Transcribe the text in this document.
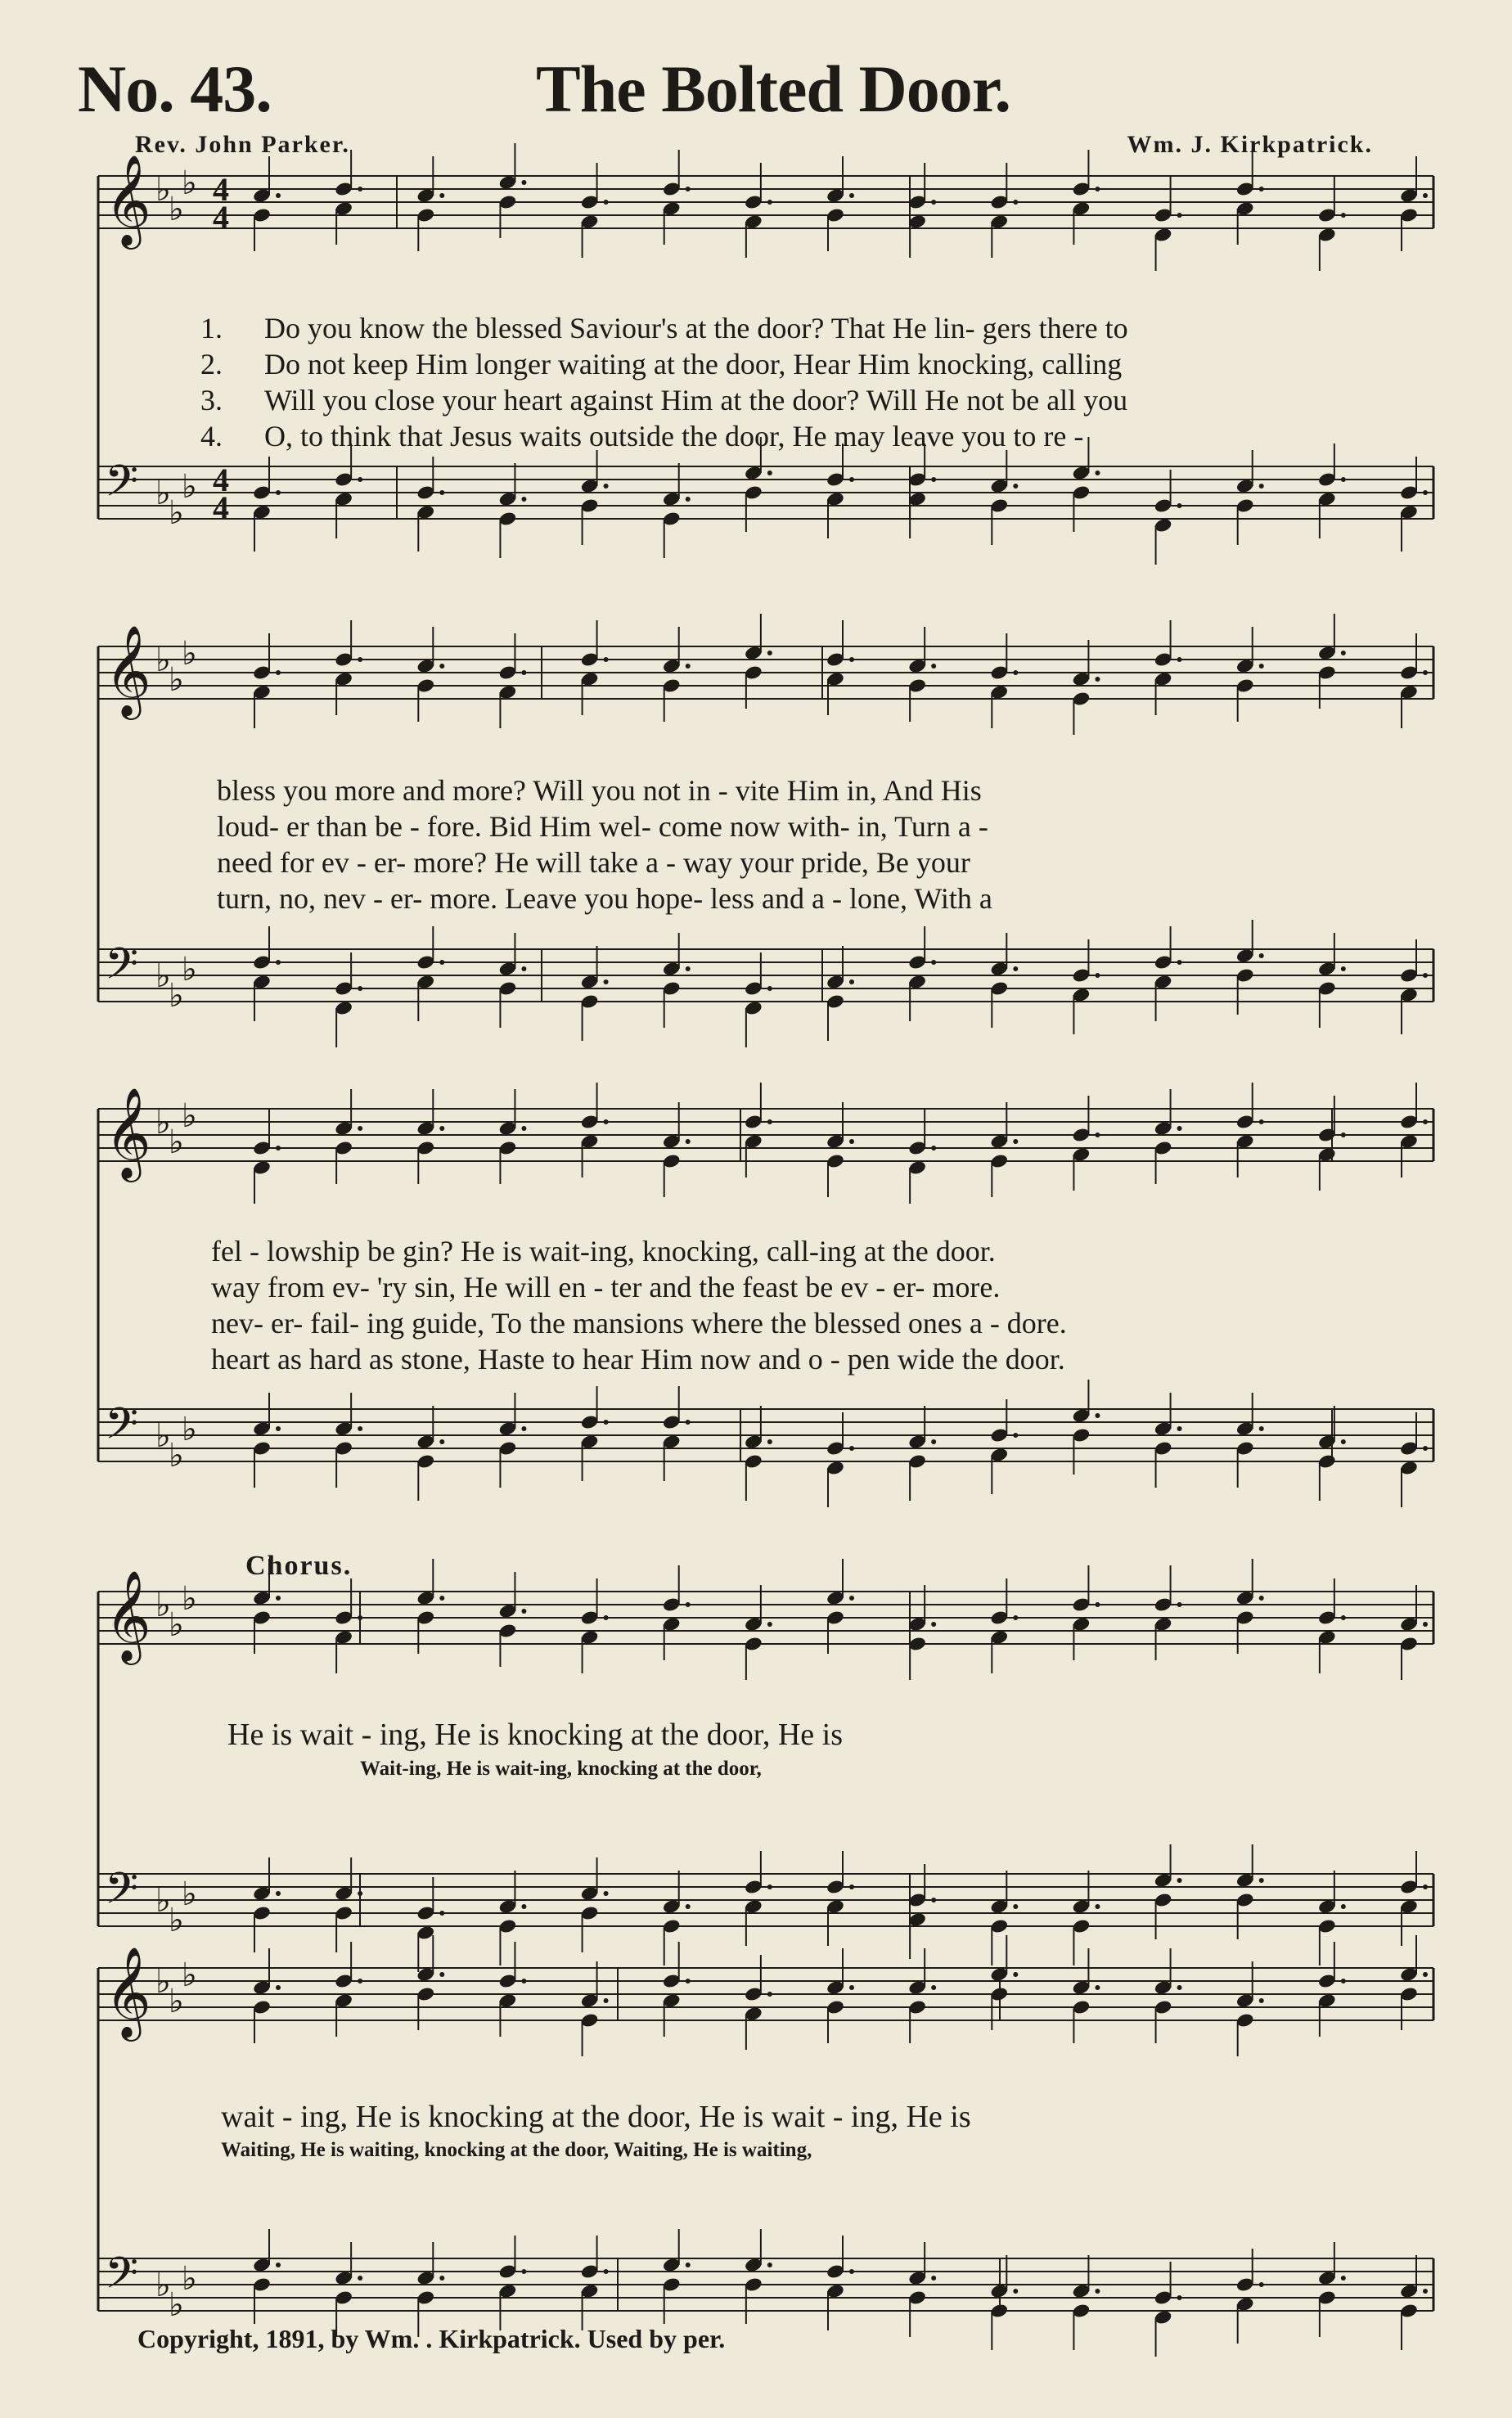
𝄞
𝄢
♭
♭
♭
♭
♭
♭
4
4
4
4
𝄞
𝄢
♭
♭
♭
♭
♭
♭
𝄞
𝄢
♭
♭
♭
♭
♭
♭
𝄞
𝄢
♭
♭
♭
♭
♭
♭
𝄞
𝄢
♭
♭
♭
♭
♭
♭
No. 43.	The Bolted Door.
Rev. John Parker.	Wm. J. Kirkpatrick.
1. Do you know the blessed Saviour's at the door? That He lin- gers there to
2. Do not keep Him longer waiting at the door, Hear Him knocking, calling
3. Will you close your heart against Him at the door? Will He not be all you
4. O, to think that Jesus waits outside the door, He may leave you to re -
bless you more and more? Will you not in - vite Him in, And His
loud- er than be - fore. Bid Him wel- come now with- in, Turn a -
need for ev - er- more? He will take a - way your pride, Be your
turn, no, nev - er- more. Leave you hope- less and a - lone, With a
fel - lowship be gin? He is wait-ing, knocking, call-ing at the door.
way from ev- 'ry sin, He will en - ter and the feast be ev - er- more.
nev- er- fail- ing guide, To the mansions where the blessed ones a - dore.
heart as hard as stone, Haste to hear Him now and o - pen wide the door.
Chorus.
He is wait - ing, He is knocking at the door, He is
Wait-ing, He is wait-ing, knocking at the door,
wait - ing, He is knocking at the door, He is wait - ing, He is
Waiting, He is waiting, knocking at the door, Waiting, He is waiting,
Copyright, 1891, by Wm. . Kirkpatrick. Used by per.
